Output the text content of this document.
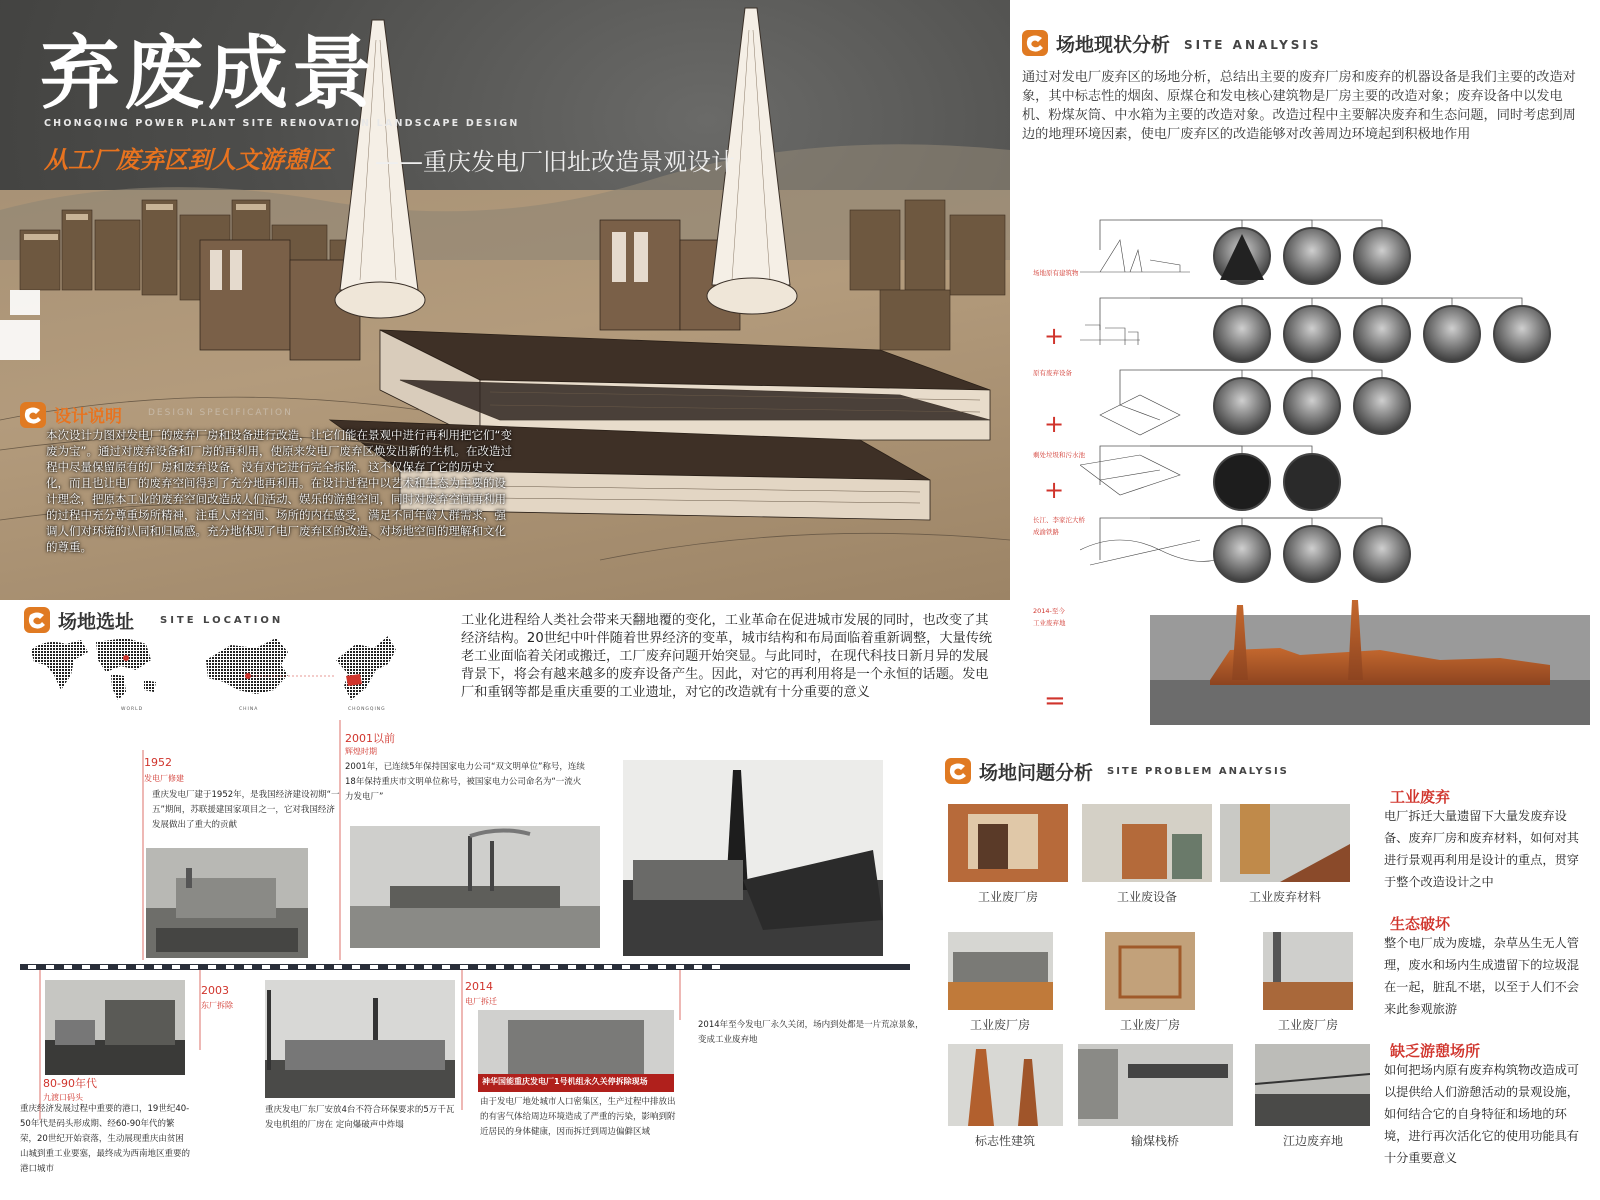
弃废成景
CHONGQING POWER PLANT SITE RENOVATION LANDSCAPE DESIGN
从工厂废弃区到人文游憩区 ——重庆发电厂旧址改造景观设计
设计说明	DESIGN SPECIFICATION
本次设计力图对发电厂的废弃厂房和设备进行改造，让它们能在景观中进行再利用把它们“变废为宝”。通过对废弃设备和厂房的再利用，使原来发电厂废弃区焕发出新的生机。在改造过程中尽量保留原有的厂房和废弃设备，没有对它进行完全拆除，这不仅保存了它的历史文化，而且也让电厂的废弃空间得到了充分地再利用。在设计过程中以艺术和生态为主要的设计理念，把原本工业的废弃空间改造成人们活动、娱乐的游憩空间，同时对废弃空间再利用的过程中充分尊重场所精神，注重人对空间、场所的内在感受，满足不同年龄人群需求，强调人们对环境的认同和归属感。充分地体现了电厂废弃区的改造，对场地空间的理解和文化的尊重。
场地现状分析 SITE ANALYSIS
通过对发电厂废弃区的场地分析，总结出主要的废弃厂房和废弃的机器设备是我们主要的改造对象，其中标志性的烟囱、原煤仓和发电核心建筑物是厂房主要的改造对象；废弃设备中以发电机、粉煤灰筒、中水箱为主要的改造对象。改造过程中主要解决废弃和生态问题，同时考虑到周边的地理环境因素，使电厂废弃区的改造能够对改善周边环境起到积极地作用
场地原有建筑物
+
原有废弃设备
+
剩处垃圾和污水池
+
长江、李家沱大桥
成渝铁路
2014-至今
工业废弃地
=
场地选址	SITE LOCATION
WORLD	CHINA	CHONGQING
工业化进程给人类社会带来天翻地覆的变化，工业革命在促进城市发展的同时，也改变了其经济结构。20世纪中叶伴随着世界经济的变革，城市结构和布局面临着重新调整，大量传统老工业面临着关闭或搬迁，工厂废弃问题开始突显。与此同时，在现代科技日新月异的发展背景下，将会有越来越多的废弃设备产生。因此，对它的再利用将是一个永恒的话题。发电厂和重钢等都是重庆重要的工业遗址，对它的改造就有十分重要的意义
1952
发电厂修建
重庆发电厂建于1952年，是我国经济建设初期“一五”期间，苏联援建国家项目之一，它对我国经济发展做出了重大的贡献
2001以前
辉煌时期
2001年，已连续5年保持国家电力公司“双文明单位”称号，连续18年保持重庆市文明单位称号，被国家电力公司命名为“一流火力发电厂”
80-90年代
九渡口码头
重庆经济发展过程中重要的港口，19世纪40-50年代是码头形成期、经60-90年代的繁荣，20世纪开始衰落，生动展现重庆由贫困山城到重工业要塞，最终成为西南地区重要的港口城市
2003
东厂拆除
重庆发电厂东厂安放4台不符合环保要求的5万千瓦发电机组的厂房在 定向爆破声中炸塌
2014
电厂拆迁
神华国能重庆发电厂1号机组永久关停拆除现场
由于发电厂地处城市人口密集区，生产过程中排放出的有害气体给周边环境造成了严重的污染，影响到附近居民的身体健康，因而拆迁到周边偏僻区域
2014年至今发电厂永久关闭，场内到处都是一片荒凉景象，变成工业废弃地
场地问题分析 SITE PROBLEM ANALYSIS
工业废厂房	工业废设备	工业废弃材料
工业废厂房	工业废厂房	工业废厂房
标志性建筑	输煤栈桥	江边废弃地
工业废弃
电厂拆迁大量遗留下大量发废弃设备、废弃厂房和废弃材料，如何对其进行景观再利用是设计的重点，贯穿于整个改造设计之中
生态破坏
整个电厂成为废墟，杂草丛生无人管理，废水和场内生成遗留下的垃圾混在一起，脏乱不堪，以至于人们不会来此参观旅游
缺乏游憩场所
如何把场内原有废弃构筑物改造成可以提供给人们游憩活动的景观设施，如何结合它的自身特征和场地的环境，进行再次活化它的使用功能具有十分重要意义
